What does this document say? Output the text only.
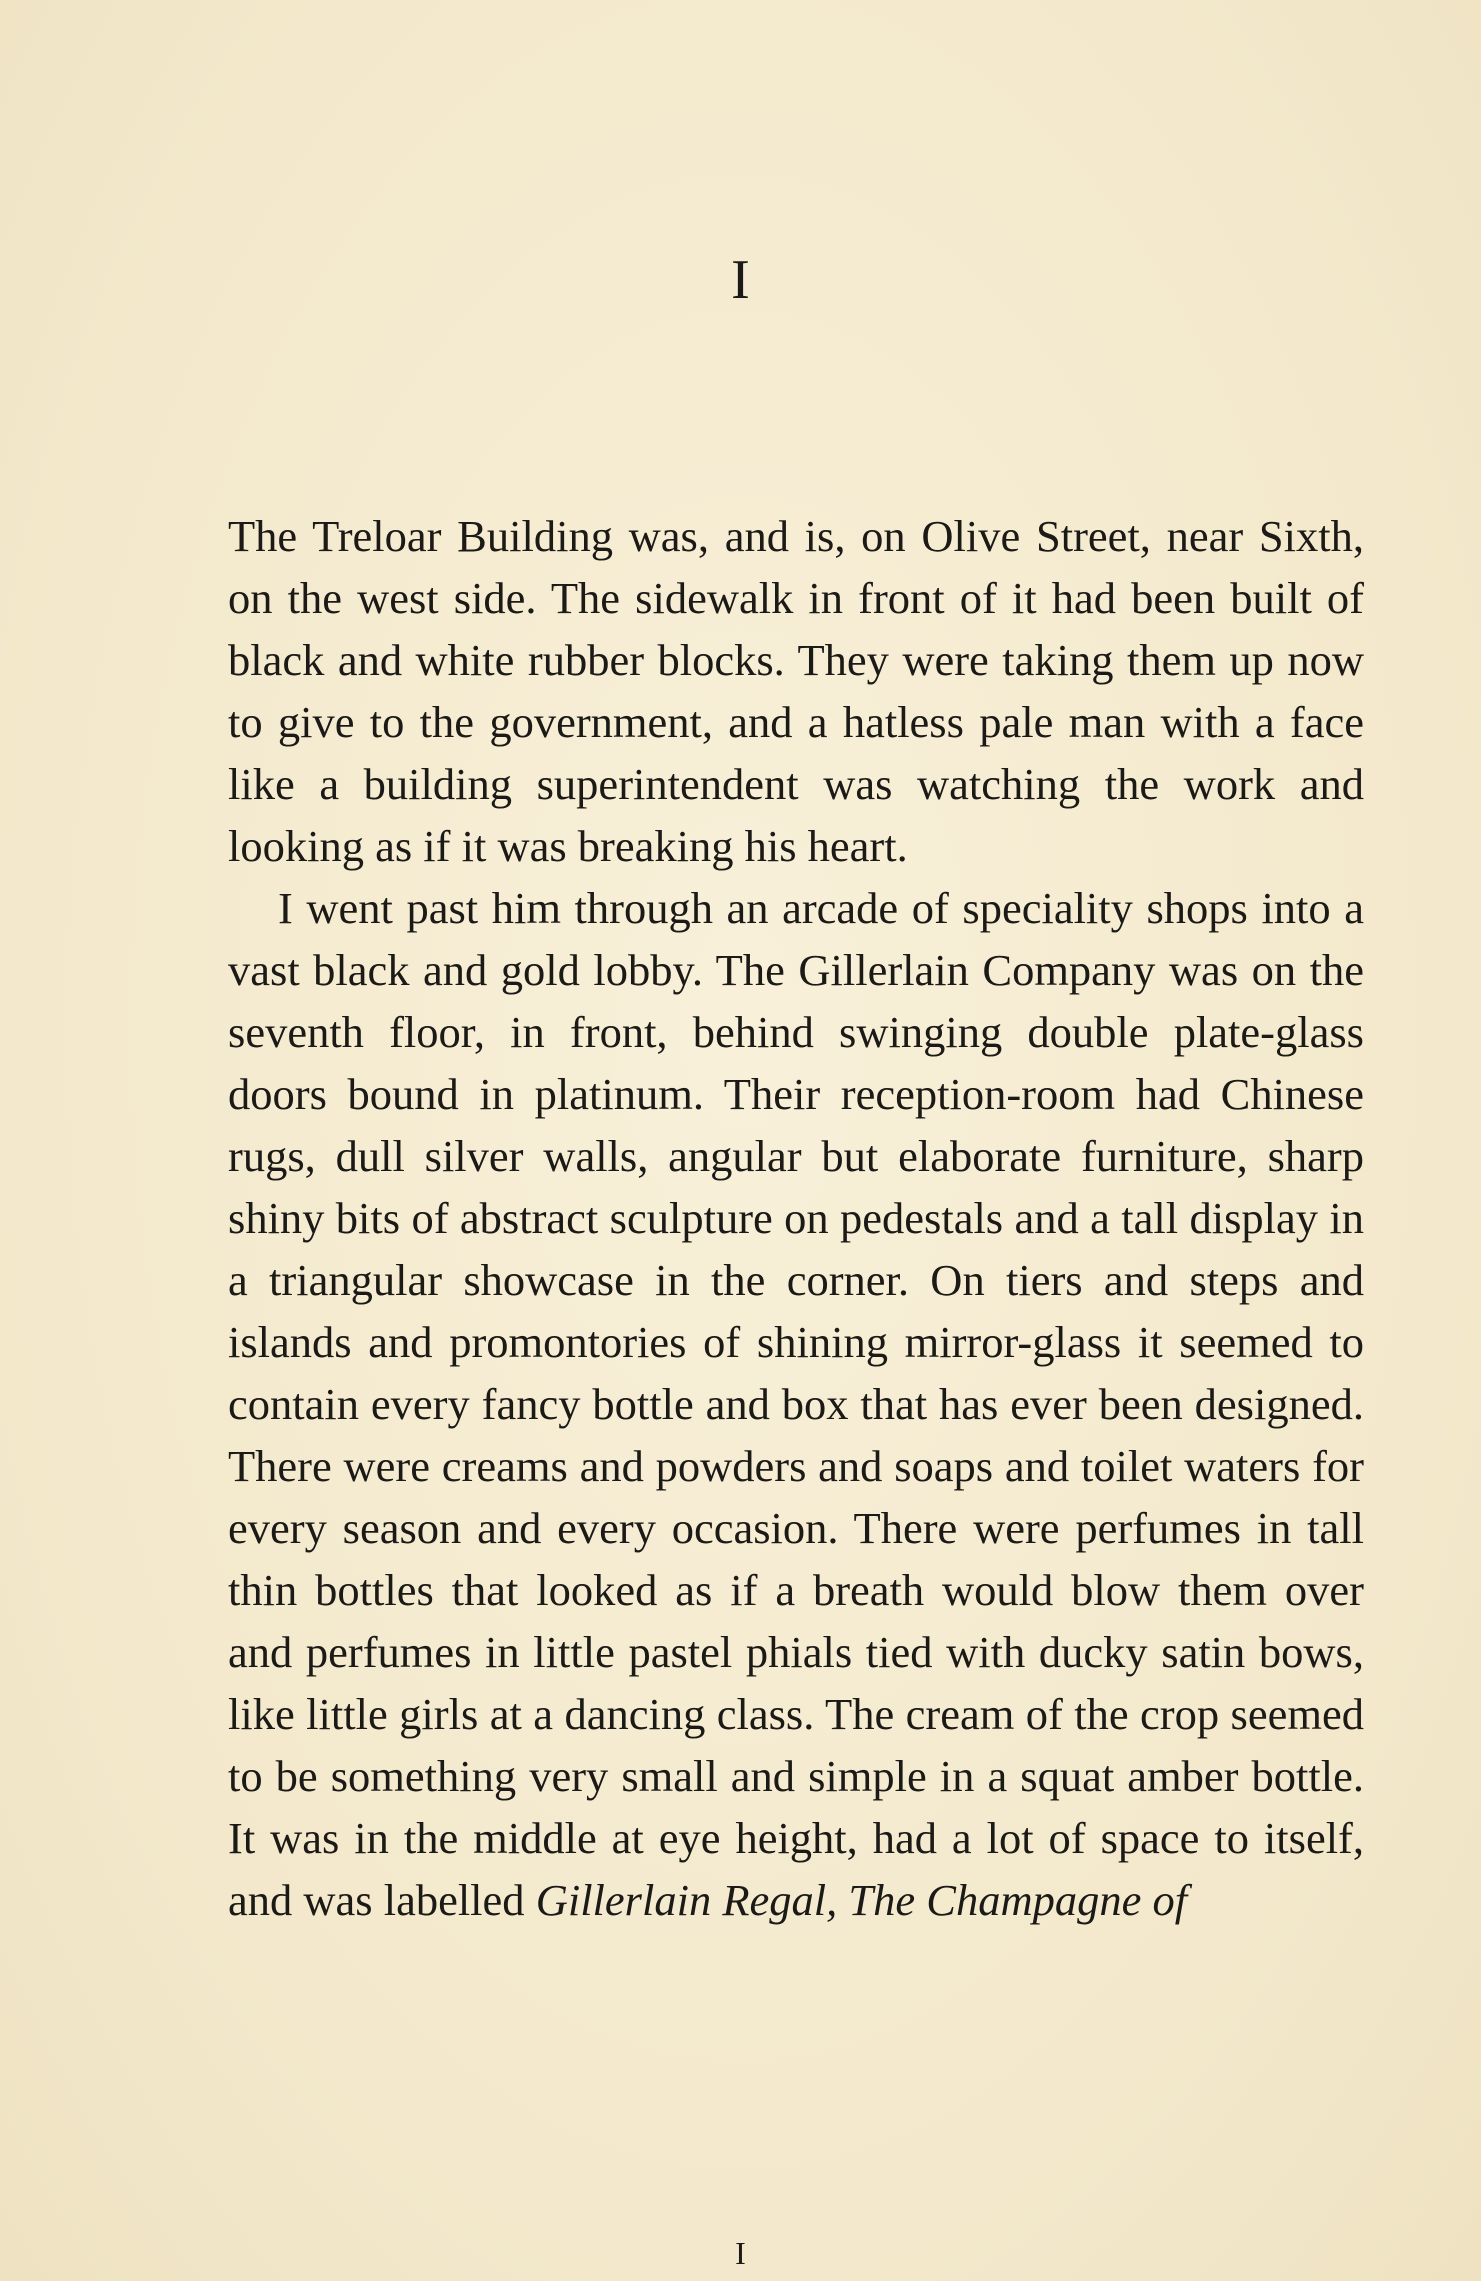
I

The Treloar Building was, and is, on Olive Street, near Sixth, on the west side. The sidewalk in front of it had been built of black and white rubber blocks. They were taking them up now to give to the government, and a hatless pale man with a face like a building superintendent was watching the work and looking as if it was breaking his heart.

I went past him through an arcade of speciality shops into a vast black and gold lobby. The Gillerlain Company was on the seventh floor, in front, behind swinging double plate-glass doors bound in platinum. Their reception-room had Chinese rugs, dull silver walls, angular but elaborate furniture, sharp shiny bits of abstract sculpture on pedestals and a tall display in a triangular showcase in the corner. On tiers and steps and islands and promontories of shining mirror-glass it seemed to contain every fancy bottle and box that has ever been designed. There were creams and powders and soaps and toilet waters for every season and every occasion. There were perfumes in tall thin bottles that looked as if a breath would blow them over and perfumes in little pastel phials tied with ducky satin bows, like little girls at a dancing class. The cream of the crop seemed to be something very small and simple in a squat amber bottle. It was in the middle at eye height, had a lot of space to itself, and was labelled Gillerlain Regal, The Champagne of

I
